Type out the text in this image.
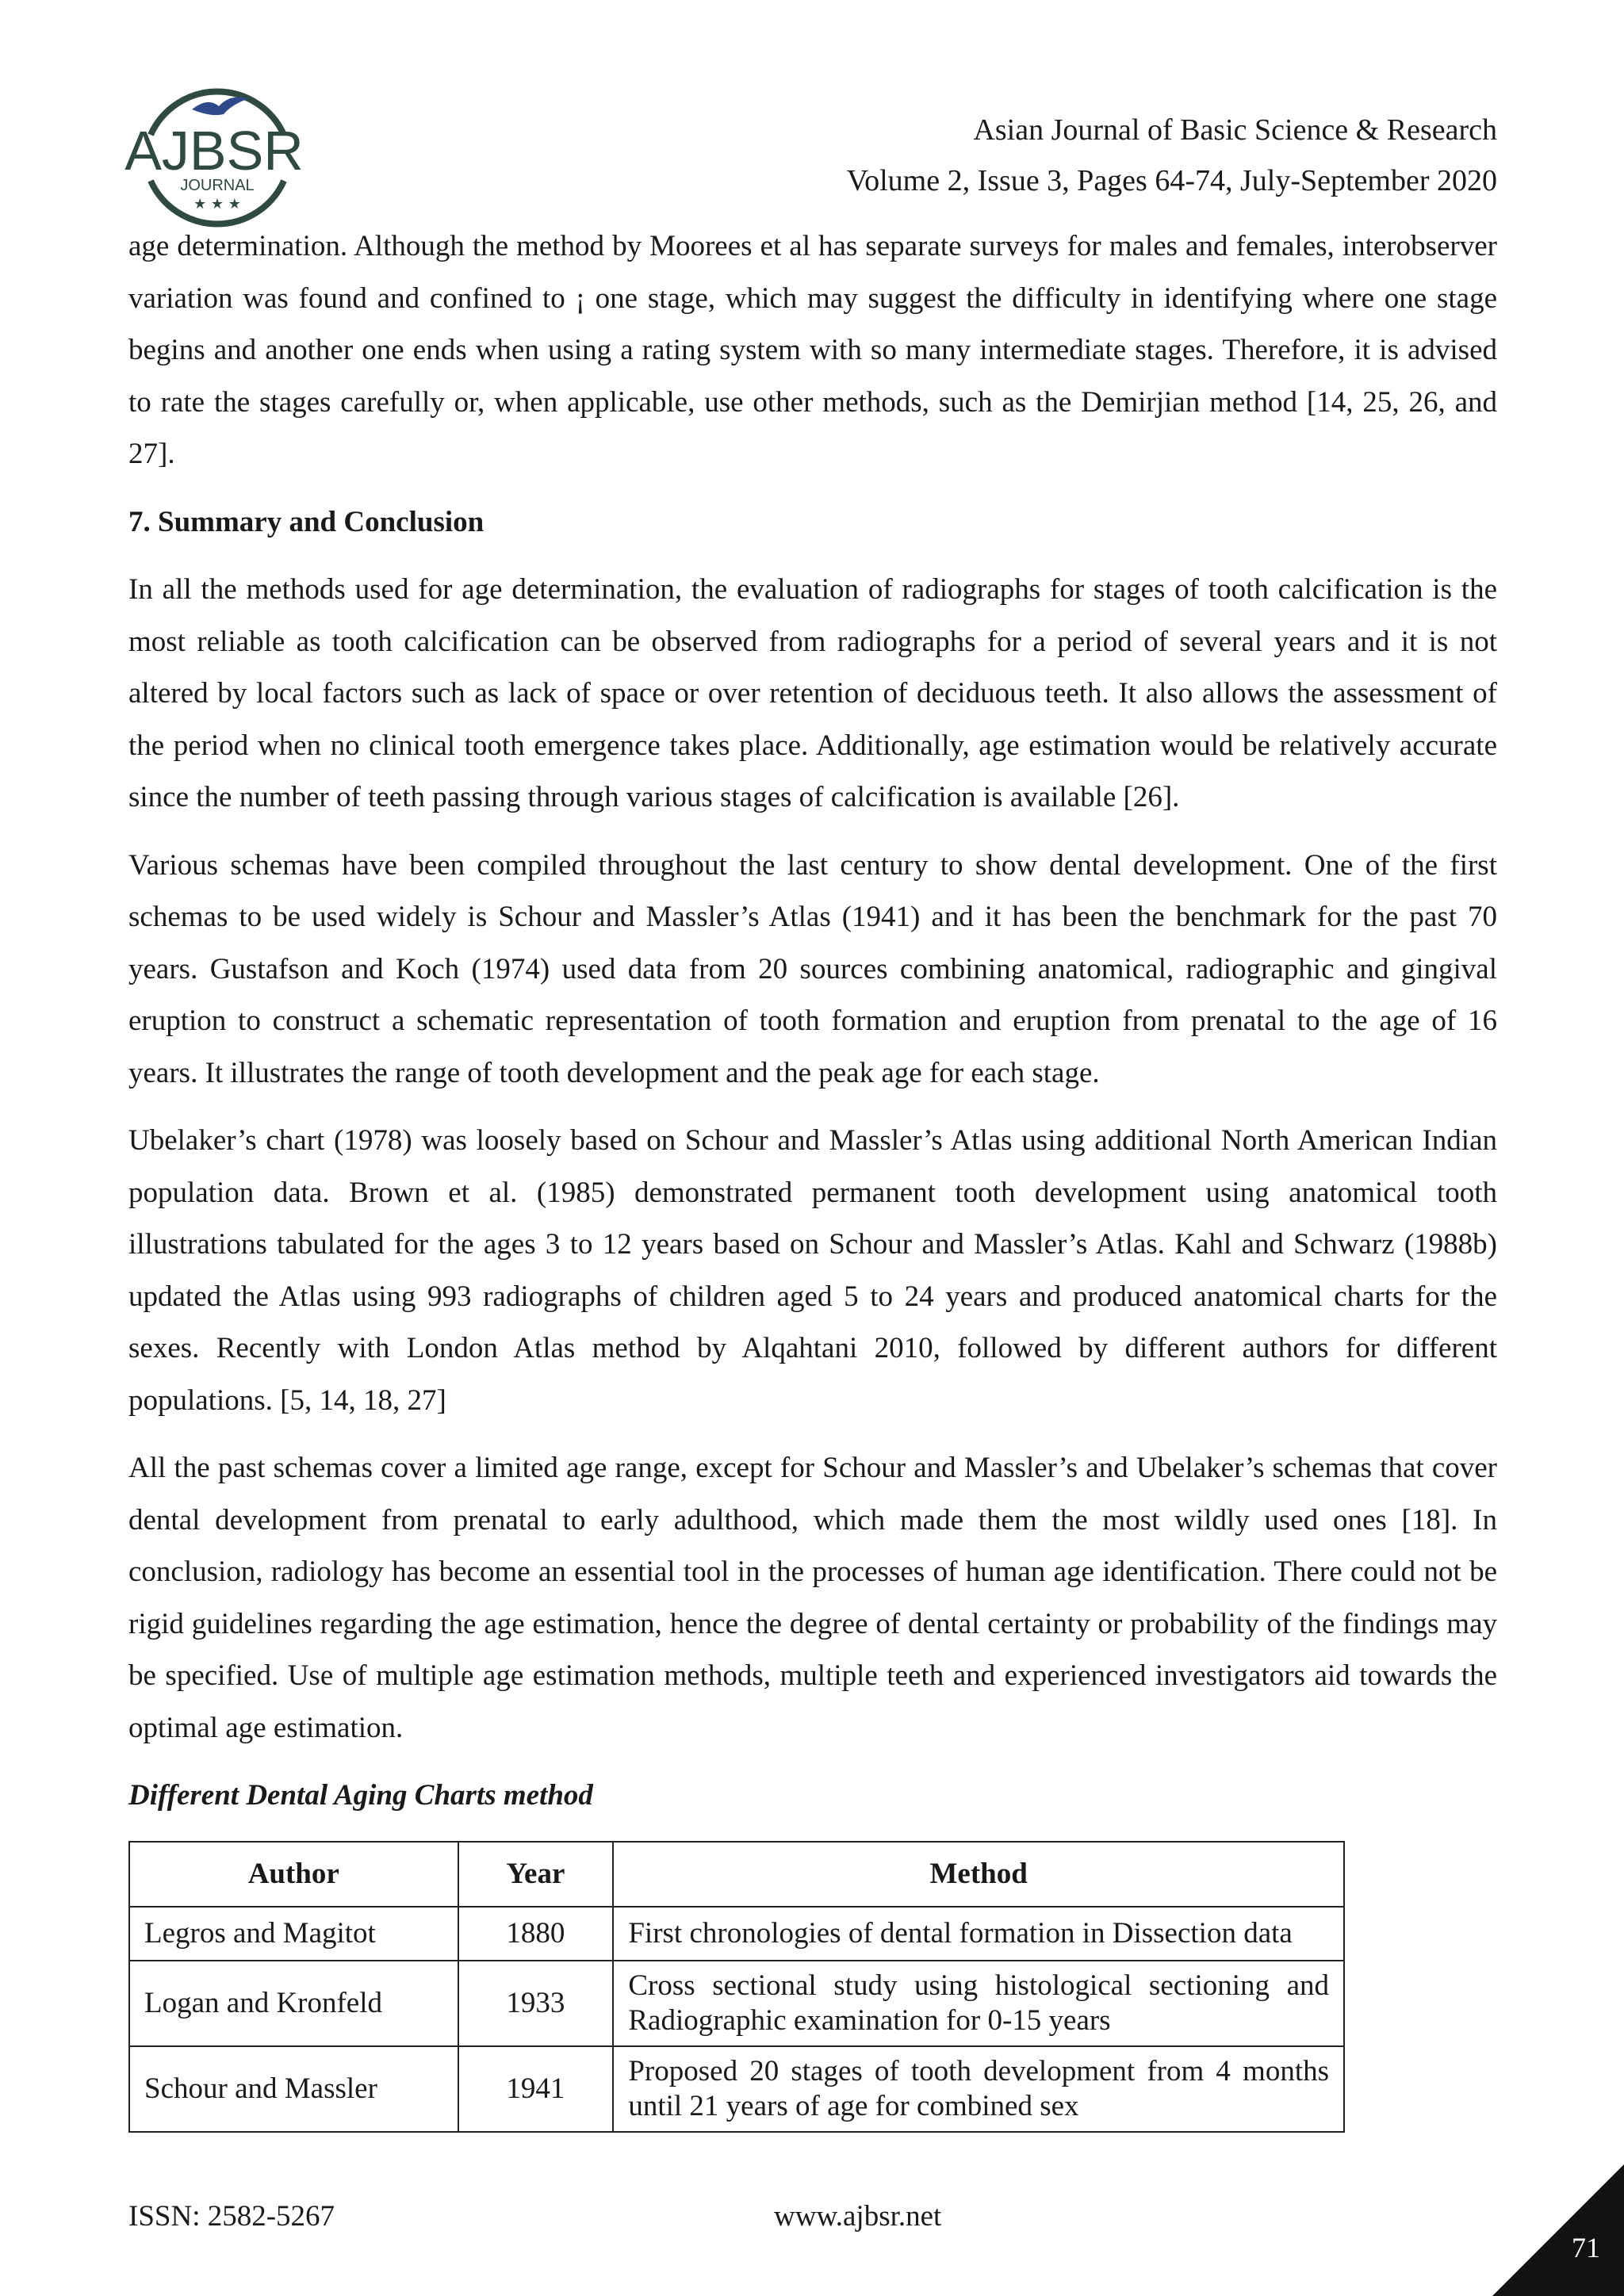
AJBSR
JOURNAL
★ ★ ★
Asian Journal of Basic Science & Research
Volume 2, Issue 3, Pages 64-74, July-September 2020

age determination. Although the method by Moorees et al has separate surveys for males and females, interobserver variation was found and confined to ¡ one stage, which may suggest the difficulty in identifying where one stage begins and another one ends when using a rating system with so many intermediate stages. Therefore, it is advised to rate the stages carefully or, when applicable, use other methods, such as the Demirjian method [14, 25, 26, and 27].

7. Summary and Conclusion

In all the methods used for age determination, the evaluation of radiographs for stages of tooth calcification is the most reliable as tooth calcification can be observed from radiographs for a period of several years and it is not altered by local factors such as lack of space or over retention of deciduous teeth. It also allows the assessment of the period when no clinical tooth emergence takes place. Additionally, age estimation would be relatively accurate since the number of teeth passing through various stages of calcification is available [26].

Various schemas have been compiled throughout the last century to show dental development. One of the first schemas to be used widely is Schour and Massler’s Atlas (1941) and it has been the benchmark for the past 70 years. Gustafson and Koch (1974) used data from 20 sources combining anatomical, radiographic and gingival eruption to construct a schematic representation of tooth formation and eruption from prenatal to the age of 16 years. It illustrates the range of tooth development and the peak age for each stage.

Ubelaker’s chart (1978) was loosely based on Schour and Massler’s Atlas using additional North American Indian population data. Brown et al. (1985) demonstrated permanent tooth development using anatomical tooth illustrations tabulated for the ages 3 to 12 years based on Schour and Massler’s Atlas. Kahl and Schwarz (1988b) updated the Atlas using 993 radiographs of children aged 5 to 24 years and produced anatomical charts for the sexes. Recently with London Atlas method by Alqahtani 2010, followed by different authors for different populations. [5, 14, 18, 27]

All the past schemas cover a limited age range, except for Schour and Massler’s and Ubelaker’s schemas that cover dental development from prenatal to early adulthood, which made them the most wildly used ones [18]. In conclusion, radiology has become an essential tool in the processes of human age identification. There could not be rigid guidelines regarding the age estimation, hence the degree of dental certainty or probability of the findings may be specified. Use of multiple age estimation methods, multiple teeth and experienced investigators aid towards the optimal age estimation.

Different Dental Aging Charts method
Author	Year	Method
Legros and Magitot	1880	First chronologies of dental formation in Dissection data
Logan and Kronfeld	1933	Cross sectional study using histological sectioning and Radiographic examination for 0-15 years
Schour and Massler	1941	Proposed 20 stages of tooth development from 4 months until 21 years of age for combined sex
ISSN: 2582-5267	www.ajbsr.net
71
